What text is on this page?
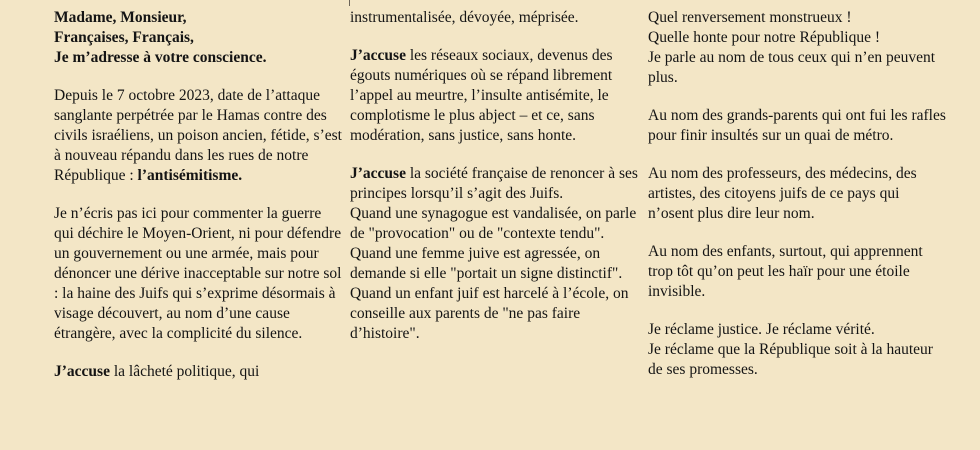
Madame, Monsieur,
Françaises, Français,
Je m’adresse à votre conscience.

Depuis le 7 octobre 2023, date de l’attaque sanglante perpétrée par le Hamas contre des civils israéliens, un poison ancien, fétide, s’est à nouveau répandu dans les rues de notre République : l’antisémitisme.

Je n’écris pas ici pour commenter la guerre qui déchire le Moyen-Orient, ni pour défendre un gouvernement ou une armée, mais pour dénoncer une dérive inacceptable sur notre sol : la haine des Juifs qui s’exprime désormais à visage découvert, au nom d’une cause étrangère, avec la complicité du silence.

J’accuse la lâcheté politique, qui

instrumentalisée, dévoyée, méprisée.

J’accuse les réseaux sociaux, devenus des égouts numériques où se répand librement l’appel au meurtre, l’insulte antisémite, le complotisme le plus abject – et ce, sans modération, sans justice, sans honte.

J’accuse la société française de renoncer à ses principes lorsqu’il s’agit des Juifs.
Quand une synagogue est vandalisée, on parle de "provocation" ou de "contexte tendu".
Quand une femme juive est agressée, on demande si elle "portait un signe distinctif".
Quand un enfant juif est harcelé à l’école, on conseille aux parents de "ne pas faire d’histoire".

Quel renversement monstrueux !
Quelle honte pour notre République !
Je parle au nom de tous ceux qui n’en peuvent plus.

Au nom des grands-parents qui ont fui les rafles pour finir insultés sur un quai de métro.

Au nom des professeurs, des médecins, des artistes, des citoyens juifs de ce pays qui n’osent plus dire leur nom.

Au nom des enfants, surtout, qui apprennent trop tôt qu’on peut les haïr pour une étoile invisible.

Je réclame justice. Je réclame vérité.
Je réclame que la République soit à la hauteur de ses promesses.
